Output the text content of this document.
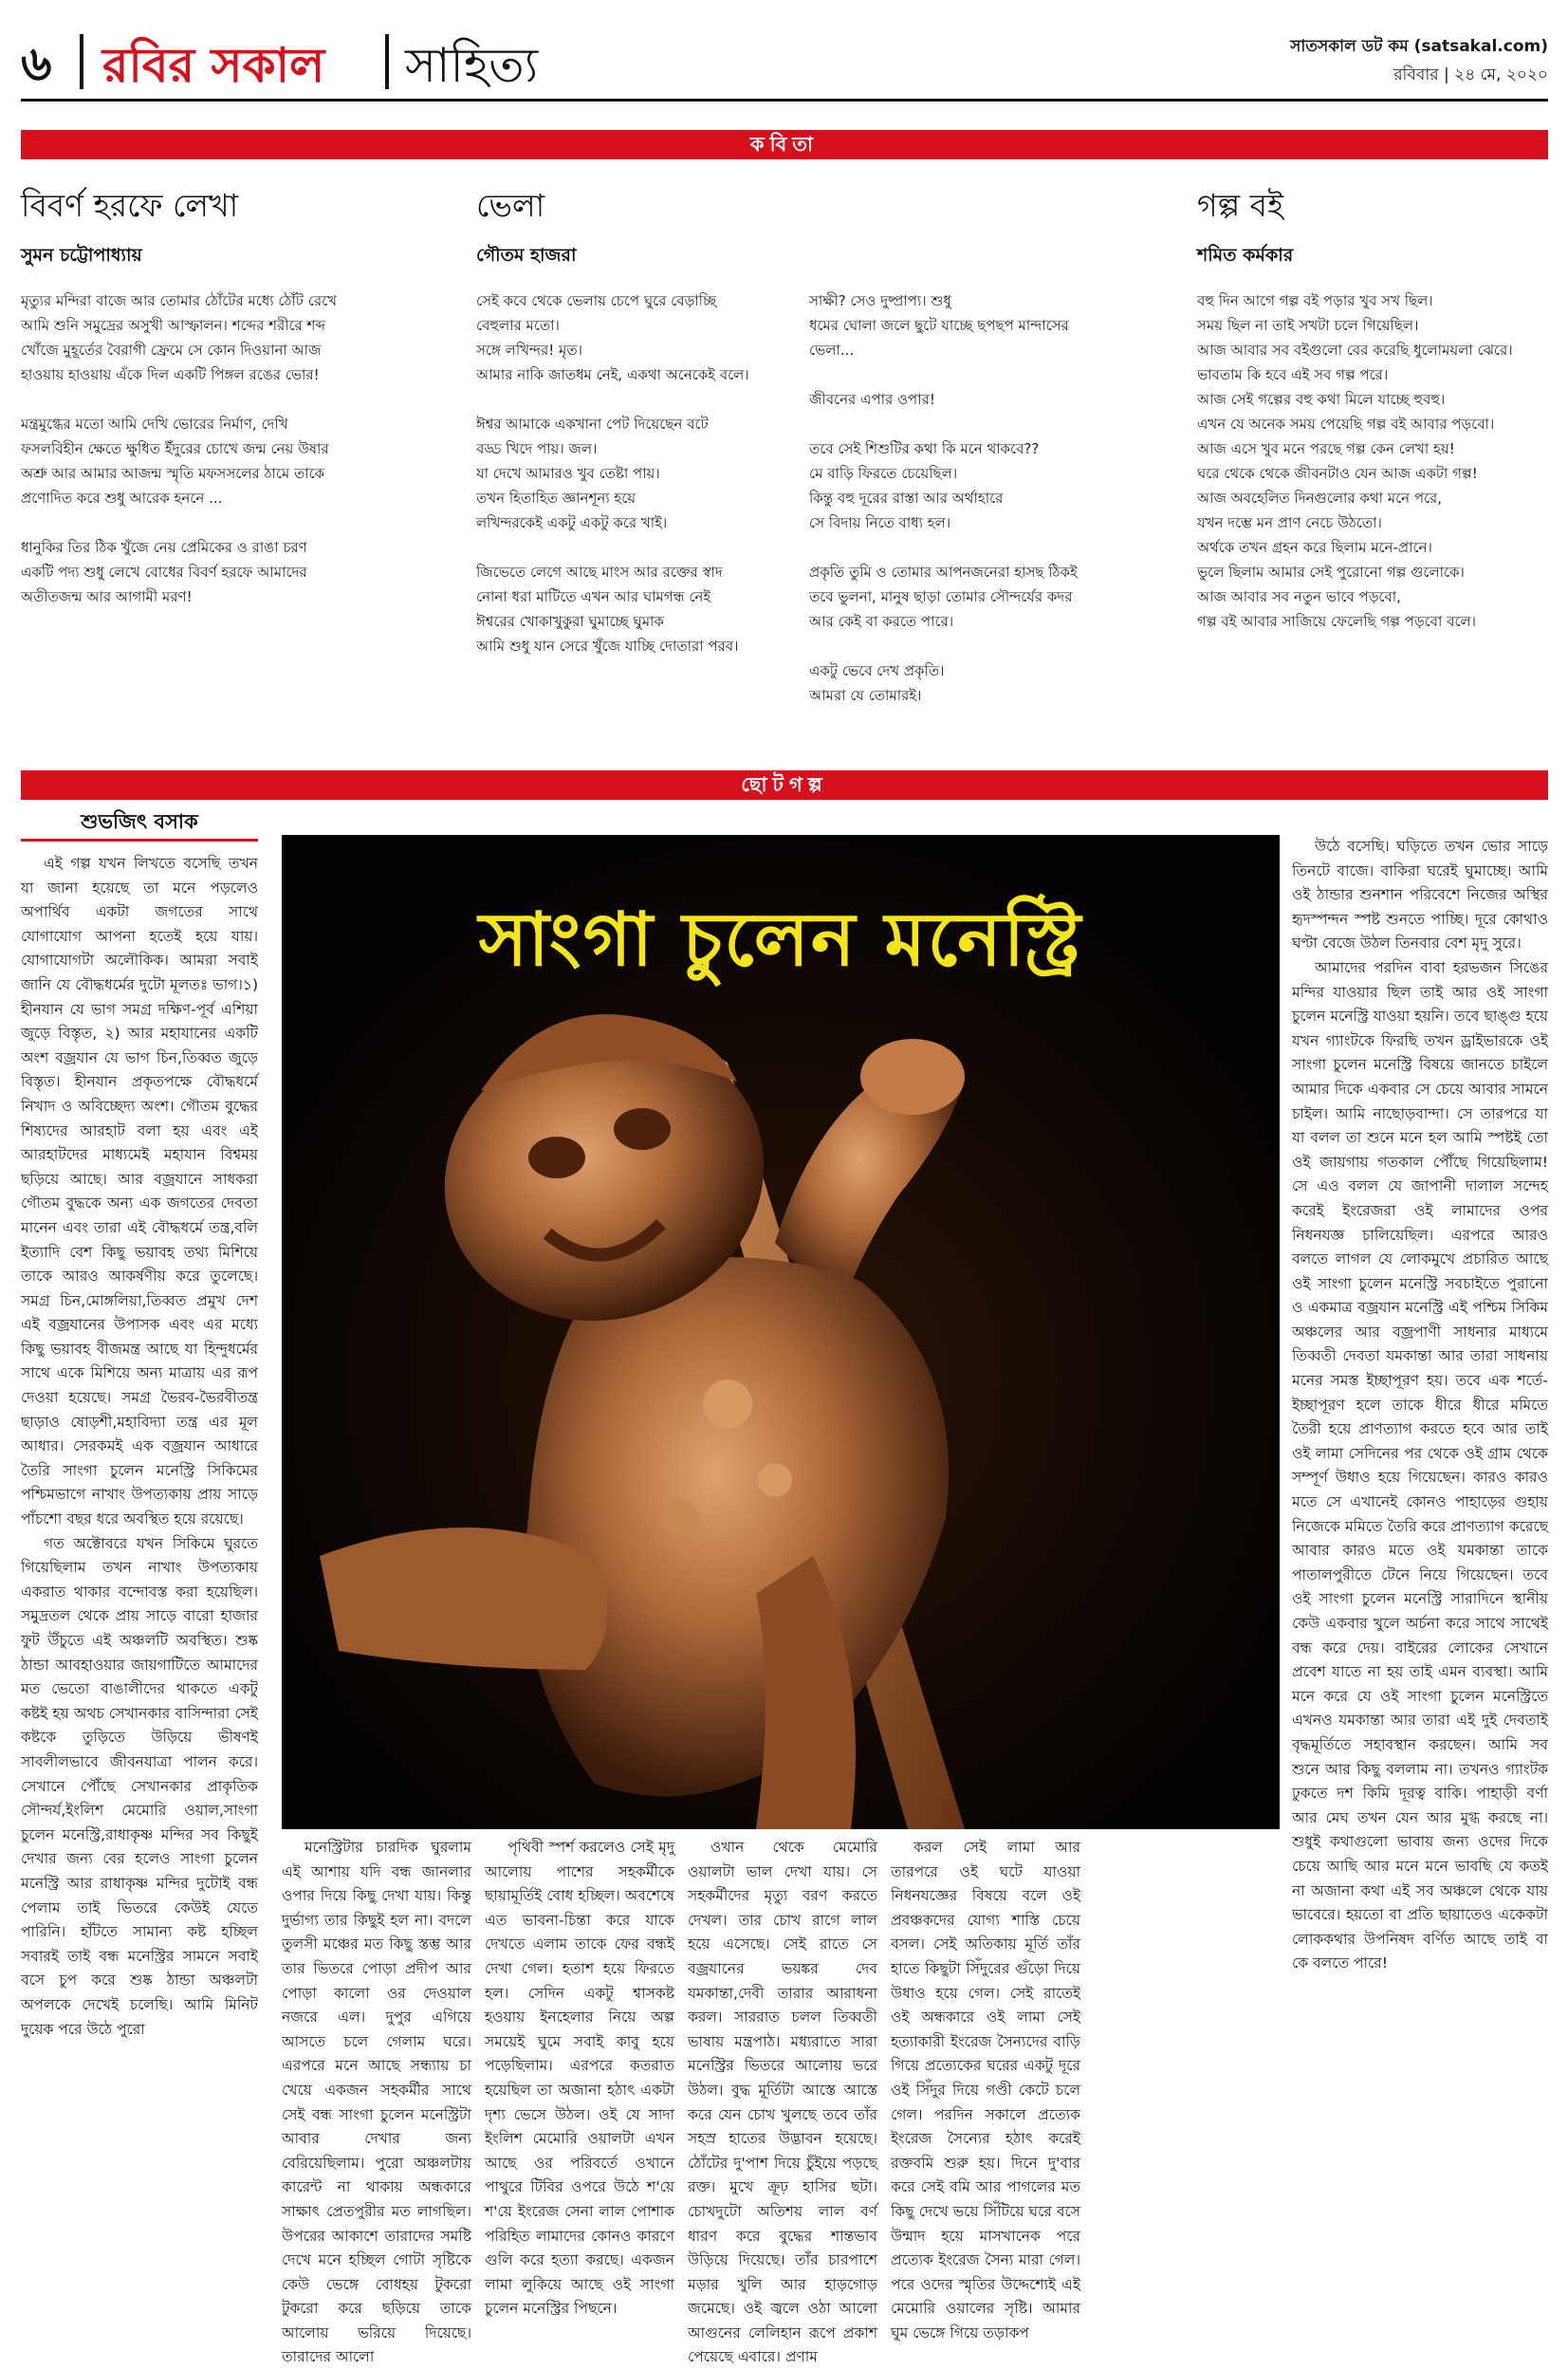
৬ রবির সকাল সাহিত্য	সাতসকাল ডট কম (satsakal.com)
রবিবার | ২৪ মে, ২০২০
কবিতা
বিবর্ণ হরফে লেখা
সুমন চট্টোপাধ্যায়

মৃত্যুর মন্দিরা বাজে আর তোমার ঠোঁটের মধ্যে ঠোঁট রেখে

আমি শুনি সমুদ্রের অসুখী আস্ফালন। শব্দের শরীরে শব্দ

খোঁজে মুহূর্তের বৈরাগী ফ্রেমে সে কোন দিওয়ানা আজ

হাওয়ায় হাওয়ায় এঁকে দিল একটি পিঙ্গল রঙের ভোর!

মন্ত্রমুগ্ধের মতো আমি দেখি ভোরের নির্মাণ, দেখি

ফসলবিহীন ক্ষেতে ক্ষুধিত ইঁদুরের চোখে জন্ম নেয় উষার

অশ্রু আর আমার আজন্ম স্মৃতি মফসসলের ঠামে তাকে

প্রণোদিত করে শুধু আরেক হননে ...

ধানুকির তির ঠিক খুঁজে নেয় প্রেমিকের ও রাঙা চরণ

একটি পদ্য শুধু লেখে বোধের বিবর্ণ হরফে আমাদের

অতীতজন্ম আর আগামী মরণ!

ভেলা
গৌতম হাজরা

সেই কবে থেকে ভেলায় চেপে ঘুরে বেড়াচ্ছি

বেহুলার মতো।

সঙ্গে লখিন্দর! মৃত।

আমার নাকি জাতধম নেই, একথা অনেকেই বলে।

ঈশ্বর আমাকে একখানা পেট দিয়েছেন বটে

বড্ড খিদে পায়। জল।

যা দেখে আমারও খুব তেষ্টা পায়।

তখন হিতাহিত জ্ঞানশূন্য হয়ে

লখিন্দরকেই একটু একটু করে খাই।

জিভেতে লেগে আছে মাংস আর রক্তের স্বাদ

নোনা ধরা মাটিতে এখন আর ঘামগন্ধ নেই

ঈশ্বরের খোকাখুকুরা ঘুমাচ্ছে ঘুমাক

আমি শুধু যান সেরে খুঁজে যাচ্ছি দোতারা পরব।

সাক্ষী? সেও দুষ্প্রাপ্য। শুধু

ধমের ঘোলা জলে ছুটে যাচ্ছে ছপছপ মান্দাসের

ভেলা...

জীবনের এপার ওপার!

তবে সেই শিশুটির কথা কি মনে থাকবে??

মে বাড়ি ফিরতে চেয়েছিল।

কিন্তু বহু দূরের রাস্তা আর অর্থাহারে

সে বিদায় নিতে বাধ্য হল।

প্রকৃতি তুমি ও তোমার আপনজনেরা হাসছ ঠিকই

তবে ভুলনা, মানুষ ছাড়া তোমার সৌন্দর্যের কদর

আর কেই বা করতে পারে।

একটু ভেবে দেখ প্রকৃতি।

আমরা যে তোমারই।

গল্প বই
শমিত কর্মকার

বহু দিন আগে গল্প বই পড়ার খুব সখ ছিল।

সময় ছিল না তাই সখটা চলে গিয়েছিল।

আজ আবার সব বইগুলো বের করেছি ধুলোময়লা ঝেরে।

ভাবতাম কি হবে এই সব গল্প পরে।

আজ সেই গল্পের বহু কথা মিলে যাচ্ছে হুবহু।

এখন যে অনেক সময় পেয়েছি গল্প বই আবার পড়বো।

আজ এসে খুব মনে পরছে গল্প কেন লেখা হয়!

ঘরে থেকে থেকে জীবনটাও যেন আজ একটা গল্প!

আজ অবহেলিত দিনগুলোর কথা মনে পরে,

যখন দম্ভে মন প্রাণ নেচে উঠতো।

অর্থকে তখন গ্রহন করে ছিলাম মনে-প্রানে।

ভুলে ছিলাম আমার সেই পুরোনো গল্প গুলোকে।

আজ আবার সব নতুন ভাবে পড়বো,

গল্প বই আবার সাজিয়ে ফেলেছি গল্প পড়বো বলে।

ছোটগল্প
শুভজিৎ বসাক

এই গল্প যখন লিখতে বসেছি তখন যা জানা হয়েছে তা মনে পড়লেও অপার্থিব একটা জগতের সাথে যোগাযোগ আপনা হতেই হয়ে যায়। যোগাযোগটা অলৌকিক। আমরা সবাই জানি যে বৌদ্ধধর্মের দুটো মূলতঃ ভাগ।১) হীনযান যে ভাগ সমগ্র দক্ষিণ-পূর্ব এশিয়া জুড়ে বিস্তৃত, ২) আর মহাযানের একটি অংশ বজ্রযান যে ভাগ চিন,তিব্বত জুড়ে বিস্তৃত। হীনযান প্রকৃতপক্ষে বৌদ্ধধর্মে নিখাদ ও অবিচ্ছেদ্য অংশ। গৌতম বুদ্ধের শিষ্যদের আরহাট বলা হয় এবং এই আরহাটদের মাধ্যমেই মহাযান বিশ্বময় ছড়িয়ে আছে। আর বজ্রযানে সাধকরা গৌতম বুদ্ধকে অন্য এক জগতের দেবতা মানেন এবং তারা এই বৌদ্ধধর্মে তন্ত্র,বলি ইত্যাদি বেশ কিছু ভয়াবহ তথ্য মিশিয়ে তাকে আরও আকর্ষণীয় করে তুলেছে। সমগ্র চিন,মোঙ্গলিয়া,তিব্বত প্রমুখ দেশ এই বজ্রযানের উপাসক এবং এর মধ্যে কিছু ভয়াবহ বীজমন্ত্র আছে যা হিন্দুধর্মের সাথে একে মিশিয়ে অন্য মাত্রায় এর রূপ দেওয়া হয়েছে। সমগ্র ভৈরব-ভৈরবীতন্ত্র ছাড়াও ষোড়শী,মহাবিদ্যা তন্ত্র এর মূল আধার। সেরকমই এক বজ্রযান আধারে তৈরি সাংগা চুলেন মনেস্ট্রি সিকিমের পশ্চিমভাগে নাখাং উপত্যকায় প্রায় সাড়ে পাঁচশো বছর ধরে অবস্থিত হয়ে রয়েছে।

গত অক্টোবরে যখন সিকিমে ঘুরতে গিয়েছিলাম তখন নাখাং উপত্যকায় একরাত থাকার বন্দোবস্ত করা হয়েছিল। সমুদ্রতল থেকে প্রায় সাড়ে বারো হাজার ফুট উঁচুতে এই অঞ্চলটি অবস্থিত। শুষ্ক ঠান্ডা আবহাওয়ার জায়গাটিতে আমাদের মত ভেতো বাঙালীদের থাকতে একটু কষ্টই হয় অথচ সেখানকার বাসিন্দারা সেই কষ্টকে তুড়িতে উড়িয়ে ভীষণই সাবলীলভাবে জীবনযাত্রা পালন করে। সেখানে পৌঁছে সেখানকার প্রাকৃতিক সৌন্দর্য,ইংলিশ মেমোরি ওয়াল,সাংগা চুলেন মনেস্ট্রি,রাধাকৃষ্ণ মন্দির সব কিছুই দেখার জন্য বের হলেও সাংগা চুলেন মনেস্ট্রি আর রাধাকৃষ্ণ মন্দির দুটোই বন্ধ পেলাম তাই ভিতরে কেউই যেতে পারিনি। হাঁটতে সামান্য কষ্ট হচ্ছিল সবারই তাই বন্ধ মনেস্ট্রির সামনে সবাই বসে চুপ করে শুষ্ক ঠান্ডা অঞ্চলটা অপলকে দেখেই চলেছি। আমি মিনিট দুয়েক পরে উঠে পুরো

সাংগা চুলেন মনেস্ট্রি

মনেস্ট্রিটার চারদিক ঘুরলাম এই আশায় যদি বন্ধ জানলার ওপার দিয়ে কিছু দেখা যায়। কিন্তু দুর্ভাগ্য তার কিছুই হল না। বদলে তুলসী মঞ্চের মত কিছু স্তম্ভ আর তার ভিতরে পোড়া প্রদীপ আর পোড়া কালো ওর দেওয়াল নজরে এল। দুপুর এগিয়ে আসতে চলে গেলাম ঘরে। এরপরে মনে আছে সন্ধ্যায় চা খেয়ে একজন সহকর্মীর সাথে সেই বন্ধ সাংগা চুলেন মনেস্ট্রিটা আবার দেখার জন্য বেরিয়েছিলাম। পুরো অঞ্চলটায় কারেন্ট না থাকায় অন্ধকারে সাক্ষাৎ প্রেতপুরীর মত লাগছিল। উপরের আকাশে তারাদের সমষ্টি দেখে মনে হচ্ছিল গোটা সৃষ্টিকে কেউ ভেঙ্গে বোধহয় টুকরো টুকরো করে ছড়িয়ে তাকে আলোয় ভরিয়ে দিয়েছে। তারাদের আলো

পৃথিবী স্পর্শ করলেও সেই মৃদু আলোয় পাশের সহকর্মীকে ছায়ামূর্তিই বোধ হচ্ছিল। অবশেষে এত ভাবনা-চিন্তা করে যাকে দেখতে এলাম তাকে ফের বন্ধই দেখা গেল। হতাশ হয়ে ফিরতে হল। সেদিন একটু শ্বাসকষ্ট হওয়ায় ইনহেলার নিয়ে অল্প সময়েই ঘুমে সবাই কাবু হয়ে পড়েছিলাম। এরপরে কতরাত হয়েছিল তা অজানা হঠাৎ একটা দৃশ্য ভেসে উঠল। ওই যে সাদা ইংলিশ মেমোরি ওয়ালটা এখন আছে ওর পরিবর্তে ওখানে পাথুরে টিবির ওপরে উঠে শ'য়ে শ'য়ে ইংরেজ সেনা লাল পোশাক পরিহিত লামাদের কোনও কারণে গুলি করে হত্যা করছে। একজন লামা লুকিয়ে আছে ওই সাংগা চুলেন মনেস্ট্রির পিছনে।

ওখান থেকে মেমোরি ওয়ালটা ভাল দেখা যায়। সে সহকর্মীদের মৃত্যু বরণ করতে দেখল। তার চোখ রাগে লাল হয়ে এসেছে। সেই রাতে সে বজ্রযানের ভয়ঙ্কর দেব যমকান্তা,দেবী তারার আরাধনা করল। সাররাত চলল তিব্বতী ভাষায় মন্ত্রপাঠ। মধ্যরাতে সারা মনেস্ট্রির ভিতরে আলোয় ভরে উঠল। বুদ্ধ মূর্তিটা আস্তে আস্তে করে যেন চোখ খুলছে তবে তাঁর সহস্র হাতের উদ্ভাবন হয়েছে। ঠোঁটের দু'পাশ দিয়ে চুঁইয়ে পড়ছে রক্ত। মুখে ক্রূঢ় হাসির ছটা। চোখদুটো অতিশয় লাল বর্ণ ধারণ করে বুদ্ধের শান্তভাব উড়িয়ে দিয়েছে। তাঁর চারপাশে মড়ার খুলি আর হাড়গোড় জমেছে। ওই জ্বলে ওঠা আলো আগুনের লেলিহান রূপে প্রকাশ পেয়েছে এবারে। প্রণাম

করল সেই লামা আর তারপরে ওই ঘটে যাওয়া নিধনযজ্ঞের বিষয়ে বলে ওই প্রবঞ্চকদের যোগ্য শাস্তি চেয়ে বসল। সেই অতিকায় মূর্তি তাঁর হাতে কিছুটা সিঁদুরের গুঁড়ো দিয়ে উধাও হয়ে গেল। সেই রাতেই ওই অন্ধকারে ওই লামা সেই হত্যাকারী ইংরেজ সৈন্যদের বাড়ি গিয়ে প্রত্যেকের ঘরের একটু দূরে ওই সিঁদুর দিয়ে গণ্ডী কেটে চলে গেল। পরদিন সকালে প্রত্যেক ইংরেজ সৈন্যের হঠাৎ করেই রক্তবমি শুরু হয়। দিনে দু'বার করে সেই বমি আর পাগলের মত কিছু দেখে ভয়ে সিঁটিয়ে ঘরে বসে উন্মাদ হয়ে মাসখানেক পরে প্রত্যেক ইংরেজ সৈন্য মারা গেল। পরে ওদের স্মৃতির উদ্দেশ্যেই এই মেমোরি ওয়ালের সৃষ্টি। আমার ঘুম ভেঙ্গে গিয়ে তড়াকপ

উঠে বসেছি। ঘড়িতে তখন ভোর সাড়ে তিনটে বাজে। বাকিরা ঘরেই ঘুমাচ্ছে। আমি ওই ঠান্ডার শুনশান পরিবেশে নিজের অস্থির হৃদস্পন্দন স্পষ্ট শুনতে পাচ্ছি। দূরে কোথাও ঘণ্টা বেজে উঠল তিনবার বেশ মৃদু সুরে।

আমাদের পরদিন বাবা হরভজন সিঙের মন্দির যাওয়ার ছিল তাই আর ওই সাংগা চুলেন মনেস্ট্রি যাওয়া হয়নি। তবে ছাঙ্গু হয়ে যখন গ্যাংটকে ফিরছি তখন ড্রাইভারকে ওই সাংগা চুলেন মনেস্ট্রি বিষয়ে জানতে চাইলে আমার দিকে একবার সে চেয়ে আবার সামনে চাইল। আমি নাছোড়বান্দা। সে তারপরে যা যা বলল তা শুনে মনে হল আমি স্পষ্টই তো ওই জায়গায় গতকাল পৌঁছে গিয়েছিলাম! সে এও বলল যে জাপানী দালাল সন্দেহ করেই ইংরেজরা ওই লামাদের ওপর নিধনযজ্ঞ চালিয়েছিল। এরপরে আরও বলতে লাগল যে লোকমুখে প্রচারিত আছে ওই সাংগা চুলেন মনেস্ট্রি সবচাইতে পুরানো ও একমাত্র বজ্রযান মনেস্ট্রি এই পশ্চিম সিকিম অঞ্চলের আর বজ্রপাণী সাধনার মাধ্যমে তিব্বতী দেবতা যমকান্তা আর তারা সাধনায় মনের সমস্ত ইচ্ছাপূরণ হয়। তবে এক শর্তে- ইচ্ছাপূরণ হলে তাকে ধীরে ধীরে মমিতে তৈরী হয়ে প্রাণত্যাগ করতে হবে আর তাই ওই লামা সেদিনের পর থেকে ওই গ্রাম থেকে সম্পূর্ণ উধাও হয়ে গিয়েছেন। কারও কারও মতে সে এখানেই কোনও পাহাড়ের গুহায় নিজেকে মমিতে তৈরি করে প্রাণত্যাগ করেছে আবার কারও মতে ওই যমকান্তা তাকে পাতালপুরীতে টেনে নিয়ে গিয়েছেন। তবে ওই সাংগা চুলেন মনেস্ট্রি সারাদিনে স্থানীয় কেউ একবার খুলে অর্চনা করে সাথে সাথেই বন্ধ করে দেয়। বাইরের লোকের সেখানে প্রবেশ যাতে না হয় তাই এমন ব্যবস্থা। আমি মনে করে যে ওই সাংগা চুলেন মনেস্ট্রিতে এখনও যমকান্তা আর তারা এই দুই দেবতাই বৃদ্ধমূর্তিতে সহাবস্থান করছেন। আমি সব শুনে আর কিছু বললাম না। তখনও গ্যাংটক ঢুকতে দশ কিমি দূরত্ব বাকি। পাহাড়ী বর্ণা আর মেঘ তখন যেন আর মুগ্ধ করছে না। শুধুই কথাগুলো ভাবায় জন্য ওদের দিকে চেয়ে আছি আর মনে মনে ভাবছি যে কতই না অজানা কথা এই সব অঞ্চলে থেকে যায় ভাবেরে। হয়তো বা প্রতি ছায়াতেও একেকটা লোককথার উপনিষদ বর্ণিত আছে তাই বা কে বলতে পারে!
